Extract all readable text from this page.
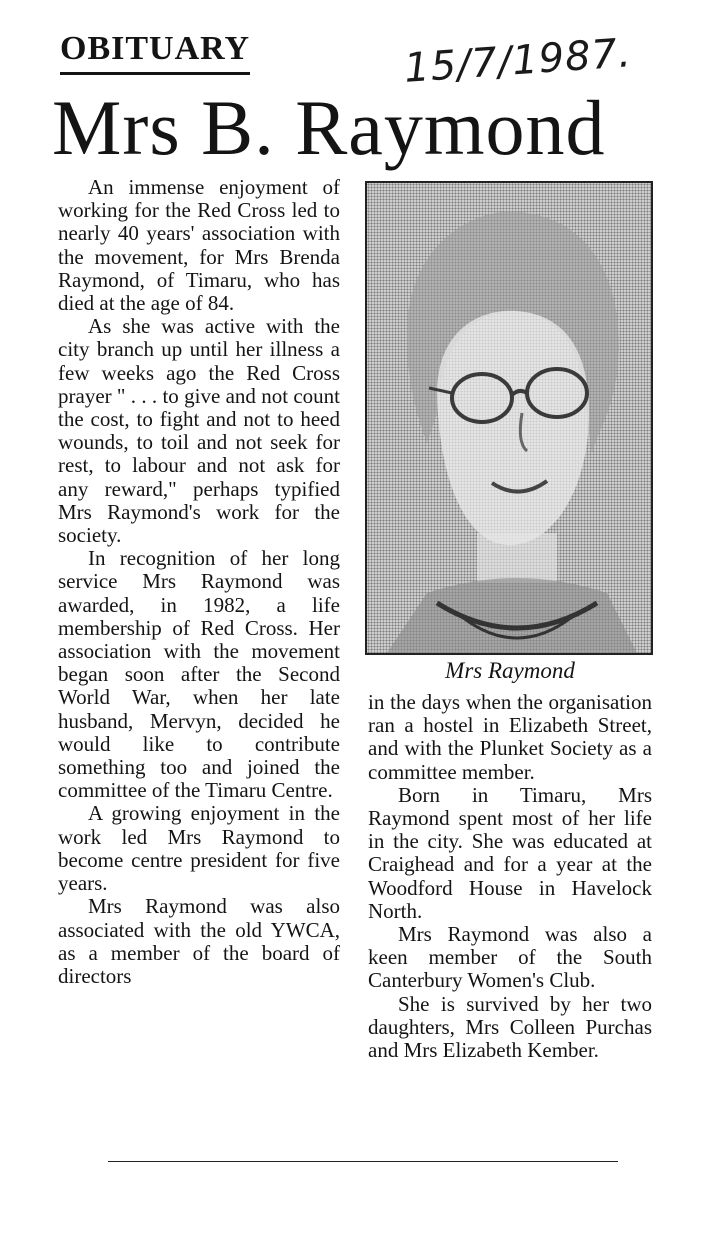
OBITUARY	15/7/1987.
Mrs B. Raymond

An immense enjoyment of working for the Red Cross led to nearly 40 years' association with the movement, for Mrs Brenda Raymond, of Timaru, who has died at the age of 84.

As she was active with the city branch up until her illness a few weeks ago the Red Cross prayer " . . . to give and not count the cost, to fight and not to heed wounds, to toil and not seek for rest, to labour and not ask for any reward," perhaps typified Mrs Raymond's work for the society.

In recognition of her long service Mrs Raymond was awarded, in 1982, a life membership of Red Cross. Her association with the movement began soon after the Second World War, when her late husband, Mervyn, decided he would like to contribute something too and joined the committee of the Timaru Centre.

A growing enjoyment in the work led Mrs Raymond to become centre president for five years.

Mrs Raymond was also associated with the old YWCA, as a member of the board of directors

Mrs Raymond

in the days when the organisation ran a hostel in Elizabeth Street, and with the Plunket Society as a committee member.

Born in Timaru, Mrs Raymond spent most of her life in the city. She was educated at Craighead and for a year at the Woodford House in Havelock North.

Mrs Raymond was also a keen member of the South Canterbury Women's Club.

She is survived by her two daughters, Mrs Colleen Purchas and Mrs Elizabeth Kember.
